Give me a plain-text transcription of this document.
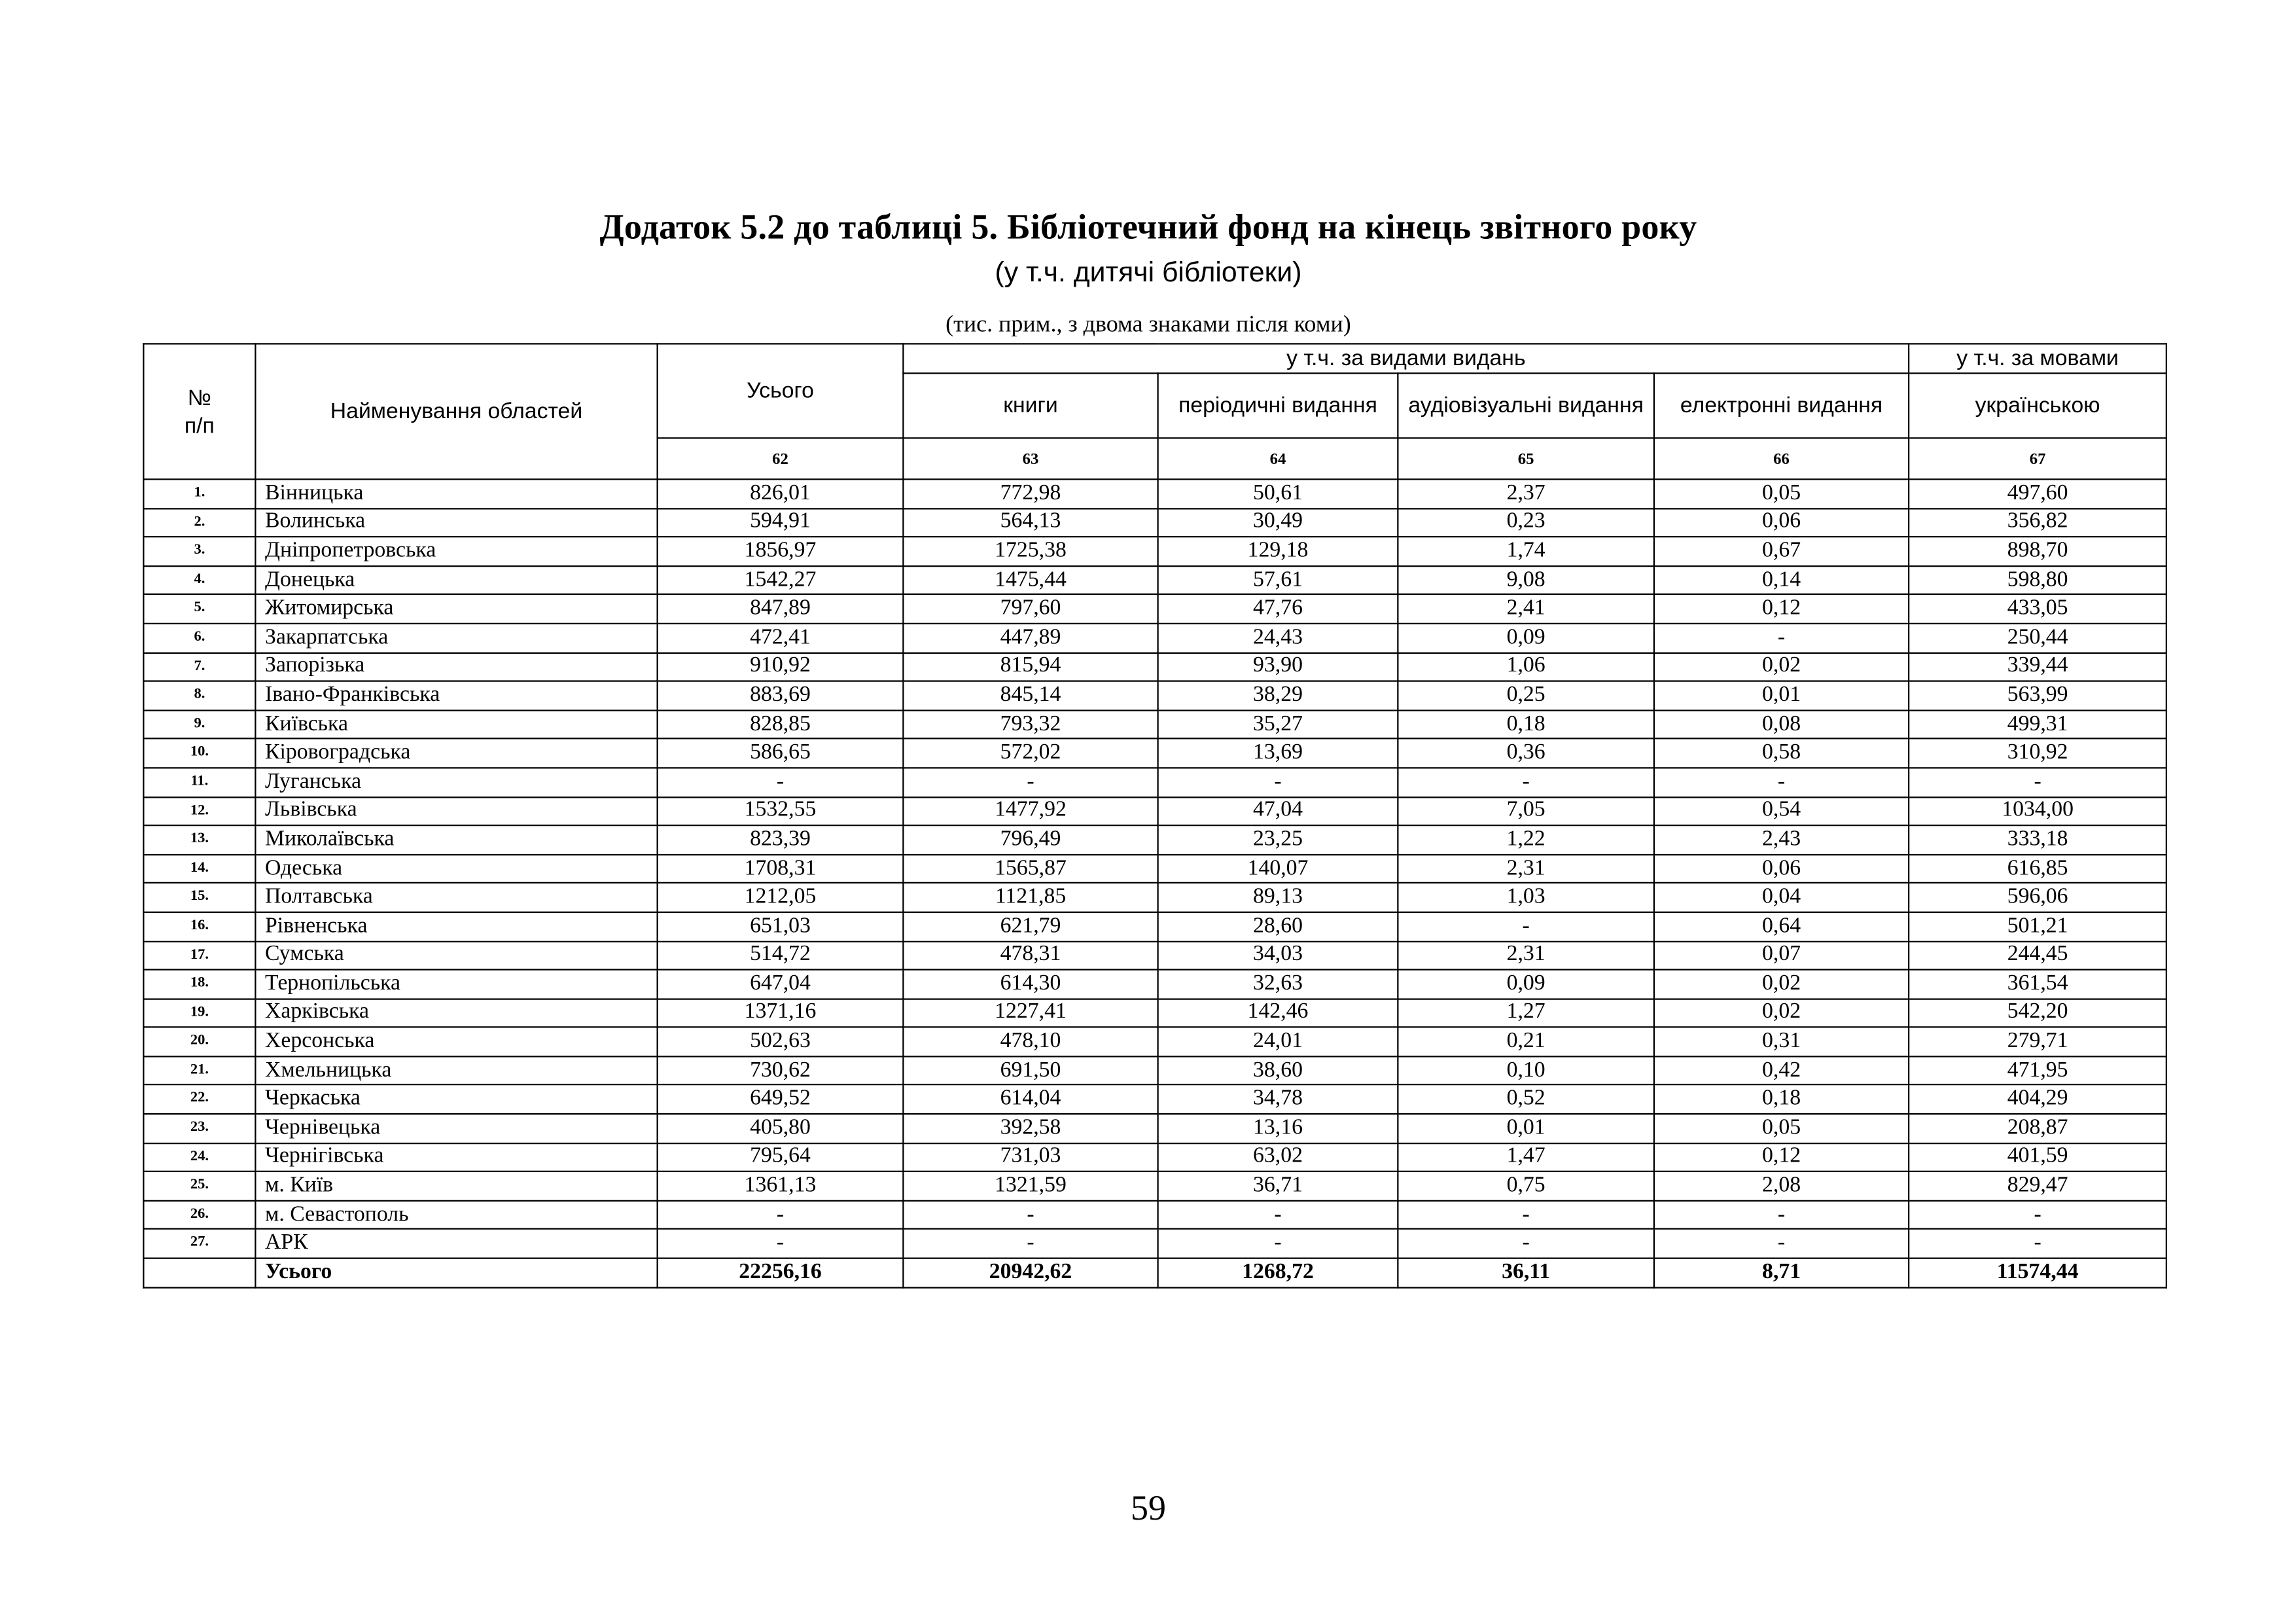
Додаток 5.2 до таблиці 5. Бібліотечний фонд на кінець звітного року
(у т.ч. дитячі бібліотеки)
(тис. прим., з двома знаками після коми)
№
п/п	Найменування областей	Усього	у т.ч. за видами видань				у т.ч. за мовами
			книги	періодичні видання	аудіовізуальні видання	електронні видання	українською
		62	63	64	65	66	67
1.	Вінницька	826,01	772,98	50,61	2,37	0,05	497,60
2.	Волинська	594,91	564,13	30,49	0,23	0,06	356,82
3.	Дніпропетровська	1856,97	1725,38	129,18	1,74	0,67	898,70
4.	Донецька	1542,27	1475,44	57,61	9,08	0,14	598,80
5.	Житомирська	847,89	797,60	47,76	2,41	0,12	433,05
6.	Закарпатська	472,41	447,89	24,43	0,09	-	250,44
7.	Запорізька	910,92	815,94	93,90	1,06	0,02	339,44
8.	Івано-Франківська	883,69	845,14	38,29	0,25	0,01	563,99
9.	Київська	828,85	793,32	35,27	0,18	0,08	499,31
10.	Кіровоградська	586,65	572,02	13,69	0,36	0,58	310,92
11.	Луганська	-	-	-	-	-	-
12.	Львівська	1532,55	1477,92	47,04	7,05	0,54	1034,00
13.	Миколаївська	823,39	796,49	23,25	1,22	2,43	333,18
14.	Одеська	1708,31	1565,87	140,07	2,31	0,06	616,85
15.	Полтавська	1212,05	1121,85	89,13	1,03	0,04	596,06
16.	Рівненська	651,03	621,79	28,60	-	0,64	501,21
17.	Сумська	514,72	478,31	34,03	2,31	0,07	244,45
18.	Тернопільська	647,04	614,30	32,63	0,09	0,02	361,54
19.	Харківська	1371,16	1227,41	142,46	1,27	0,02	542,20
20.	Херсонська	502,63	478,10	24,01	0,21	0,31	279,71
21.	Хмельницька	730,62	691,50	38,60	0,10	0,42	471,95
22.	Черкаська	649,52	614,04	34,78	0,52	0,18	404,29
23.	Чернівецька	405,80	392,58	13,16	0,01	0,05	208,87
24.	Чернігівська	795,64	731,03	63,02	1,47	0,12	401,59
25.	м. Київ	1361,13	1321,59	36,71	0,75	2,08	829,47
26.	м. Севастополь	-	-	-	-	-	-
27.	АРК	-	-	-	-	-	-
	Усього	22256,16	20942,62	1268,72	36,11	8,71	11574,44
59
